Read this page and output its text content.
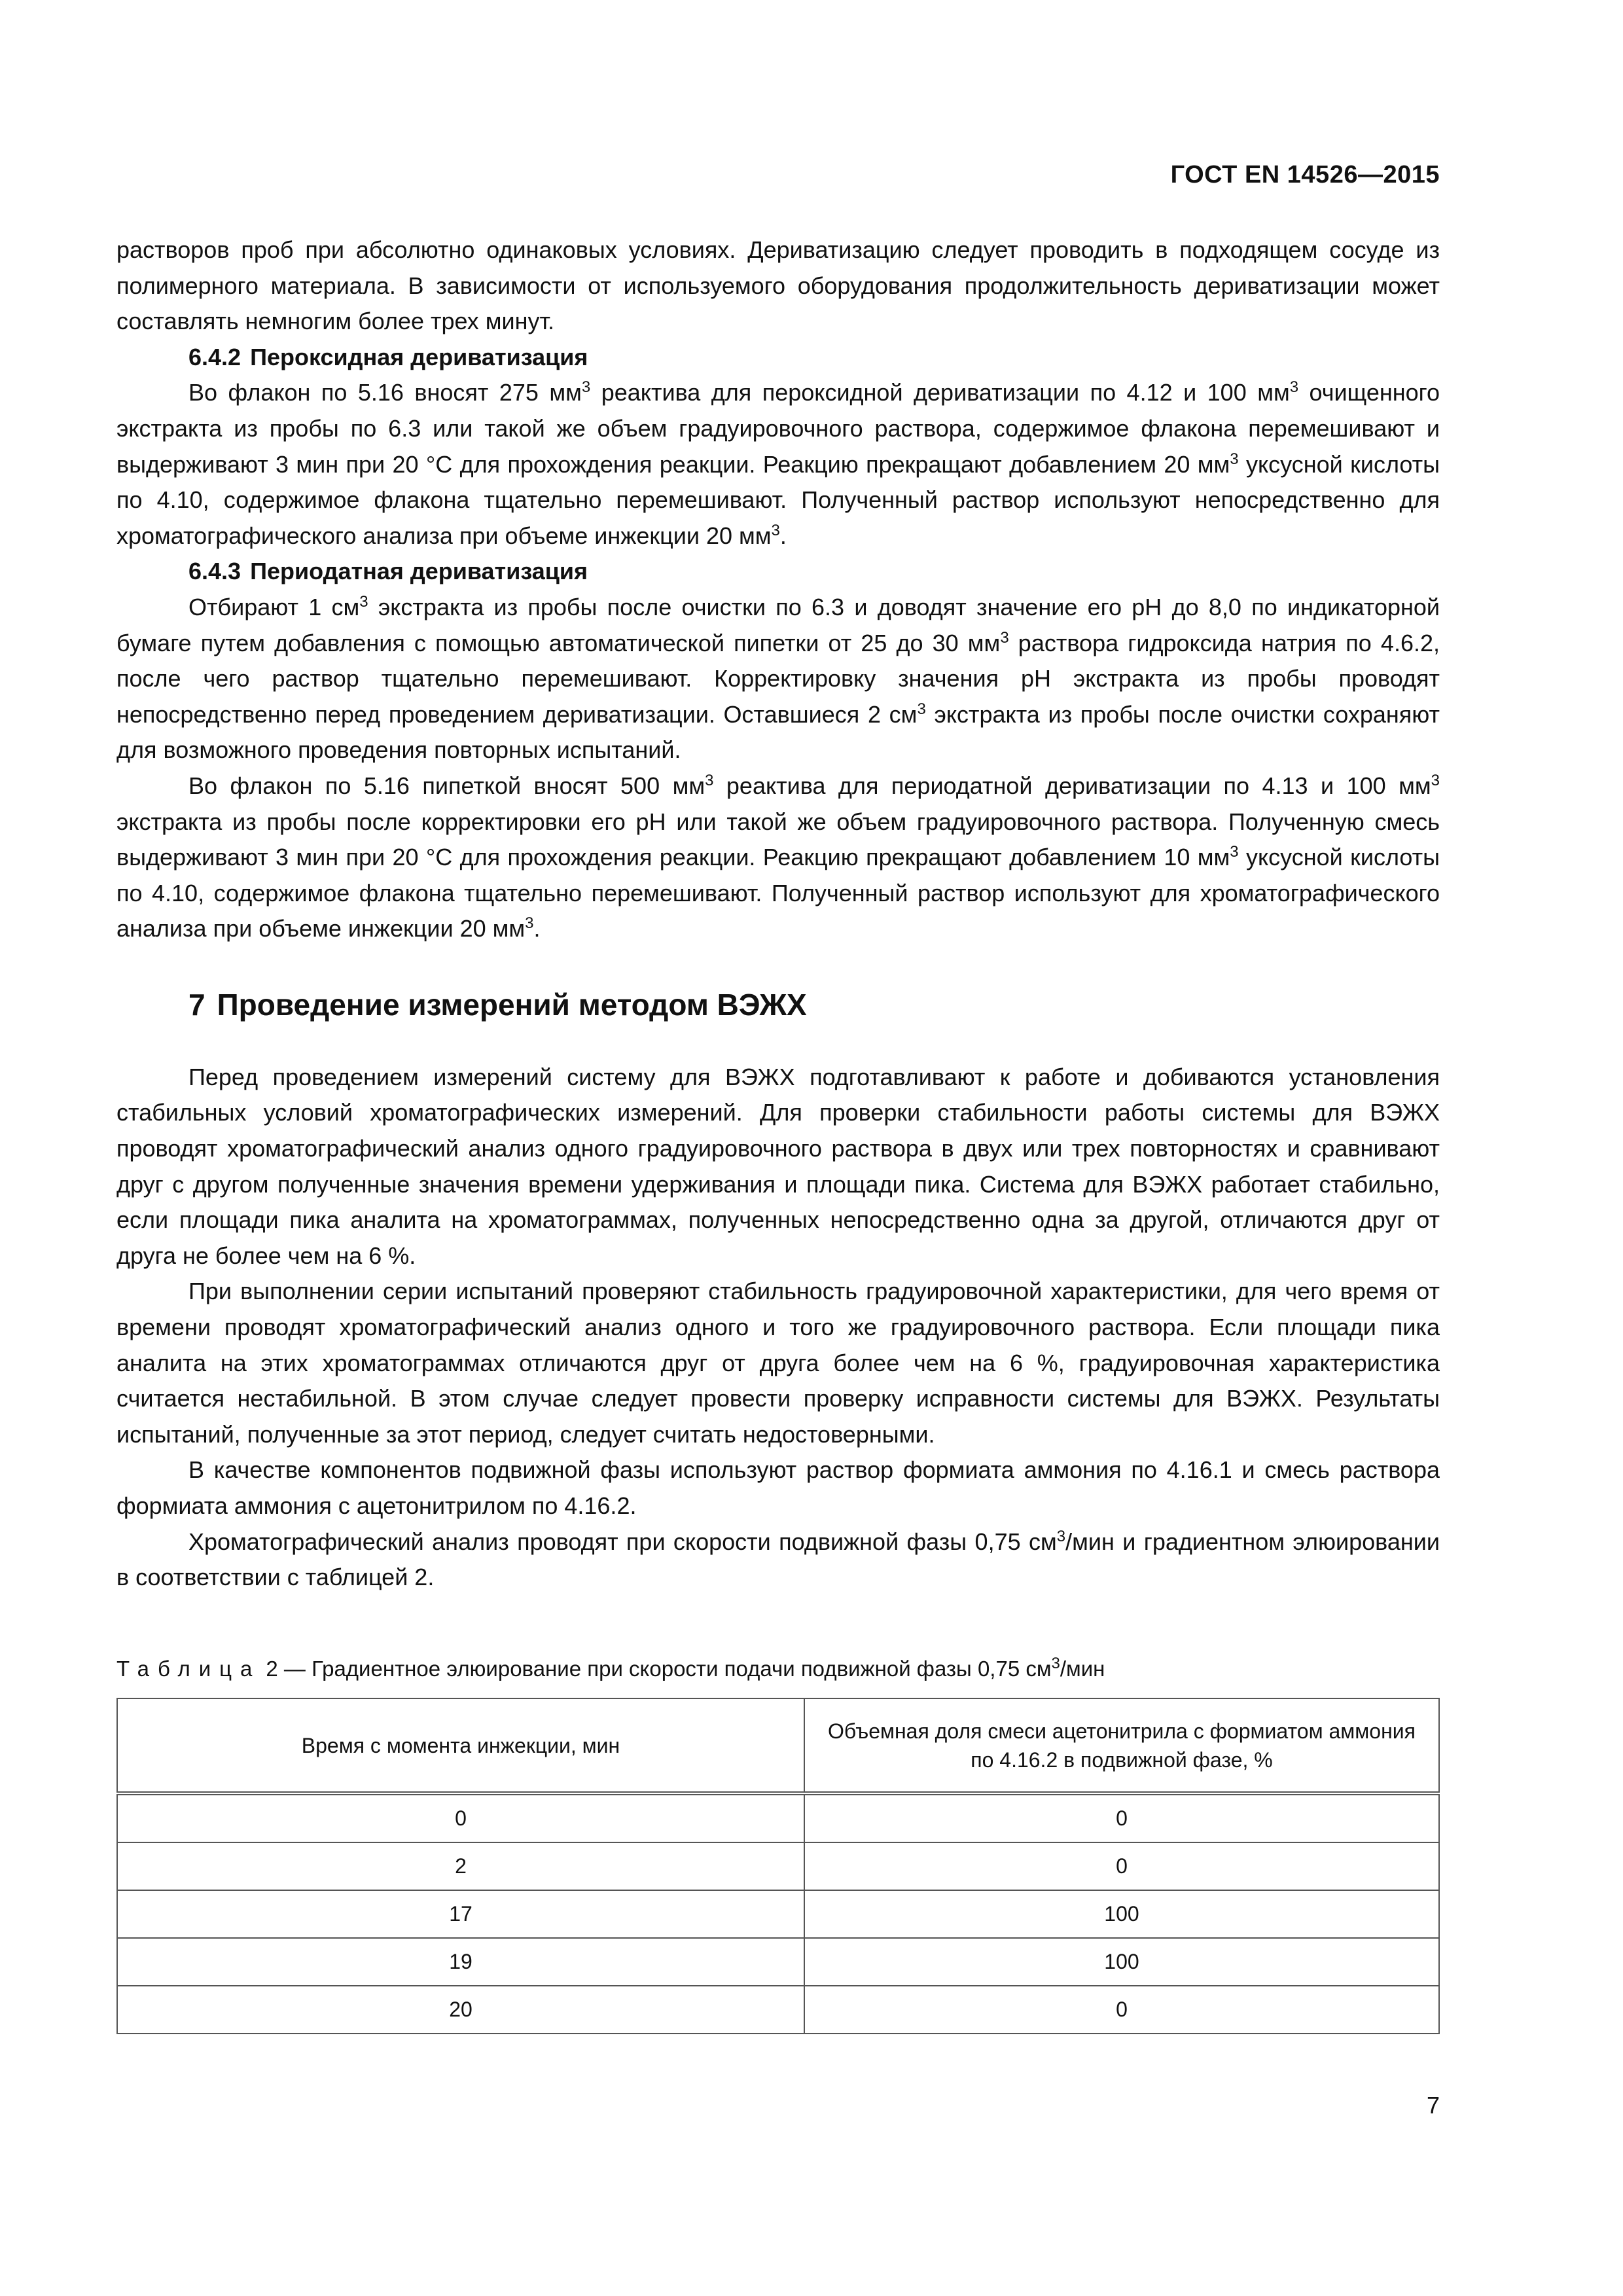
ГОСТ EN 14526—2015

растворов проб при абсолютно одинаковых условиях. Дериватизацию следует проводить в подходящем сосуде из полимерного материала. В зависимости от используемого оборудования продолжительность дериватизации может составлять немногим более трех минут.

6.4.2 Пероксидная дериватизация

Во флакон по 5.16 вносят 275 $мм^3$ реактива для пероксидной дериватизации по 4.12 и 100 $мм^3$ очищенного экстракта из пробы по 6.3 или такой же объем градуировочного раствора, содержимое флакона перемешивают и выдерживают 3 мин при 20 °С для прохождения реакции. Реакцию прекращают добавлением 20 $мм^3$ уксусной кислоты по 4.10, содержимое флакона тщательно перемешивают. Полученный раствор используют непосредственно для хроматографического анализа при объеме инжекции 20 $мм^3$.

6.4.3 Периодатная дериватизация

Отбирают 1 $см^3$ экстракта из пробы после очистки по 6.3 и доводят значение его рН до 8,0 по индикаторной бумаге путем добавления с помощью автоматической пипетки от 25 до 30 $мм^3$ раствора гидроксида натрия по 4.6.2, после чего раствор тщательно перемешивают. Корректировку значения рН экстракта из пробы проводят непосредственно перед проведением дериватизации. Оставшиеся 2 $см^3$ экстракта из пробы после очистки сохраняют для возможного проведения повторных испытаний.

Во флакон по 5.16 пипеткой вносят 500 $мм^3$ реактива для периодатной дериватизации по 4.13 и 100 $мм^3$ экстракта из пробы после корректировки его рН или такой же объем градуировочного раствора. Полученную смесь выдерживают 3 мин при 20 °С для прохождения реакции. Реакцию прекращают добавлением 10 $мм^3$ уксусной кислоты по 4.10, содержимое флакона тщательно перемешивают. Полученный раствор используют для хроматографического анализа при объеме инжекции 20 $мм^3$.

7 Проведение измерений методом ВЭЖХ

Перед проведением измерений систему для ВЭЖХ подготавливают к работе и добиваются установления стабильных условий хроматографических измерений. Для проверки стабильности работы системы для ВЭЖХ проводят хроматографический анализ одного градуировочного раствора в двух или трех повторностях и сравнивают друг с другом полученные значения времени удерживания и площади пика. Система для ВЭЖХ работает стабильно, если площади пика аналита на хроматограммах, полученных непосредственно одна за другой, отличаются друг от друга не более чем на 6 %.

При выполнении серии испытаний проверяют стабильность градуировочной характеристики, для чего время от времени проводят хроматографический анализ одного и того же градуировочного раствора. Если площади пика аналита на этих хроматограммах отличаются друг от друга более чем на 6 %, градуировочная характеристика считается нестабильной. В этом случае следует провести проверку исправности системы для ВЭЖХ. Результаты испытаний, полученные за этот период, следует считать недостоверными.

В качестве компонентов подвижной фазы используют раствор формиата аммония по 4.16.1 и смесь раствора формиата аммония с ацетонитрилом по 4.16.2.

Хроматографический анализ проводят при скорости подвижной фазы 0,75 $см^3$/мин и градиентном элюировании в соответствии с таблицей 2.

Таблица 2 — Градиентное элюирование при скорости подачи подвижной фазы 0,75 $см^3$/мин
Время с момента инжекции, мин	Объемная доля смеси ацетонитрила с формиатом аммония по 4.16.2 в подвижной фазе, %
0	0
2	0
17	100
19	100
20	0
7
